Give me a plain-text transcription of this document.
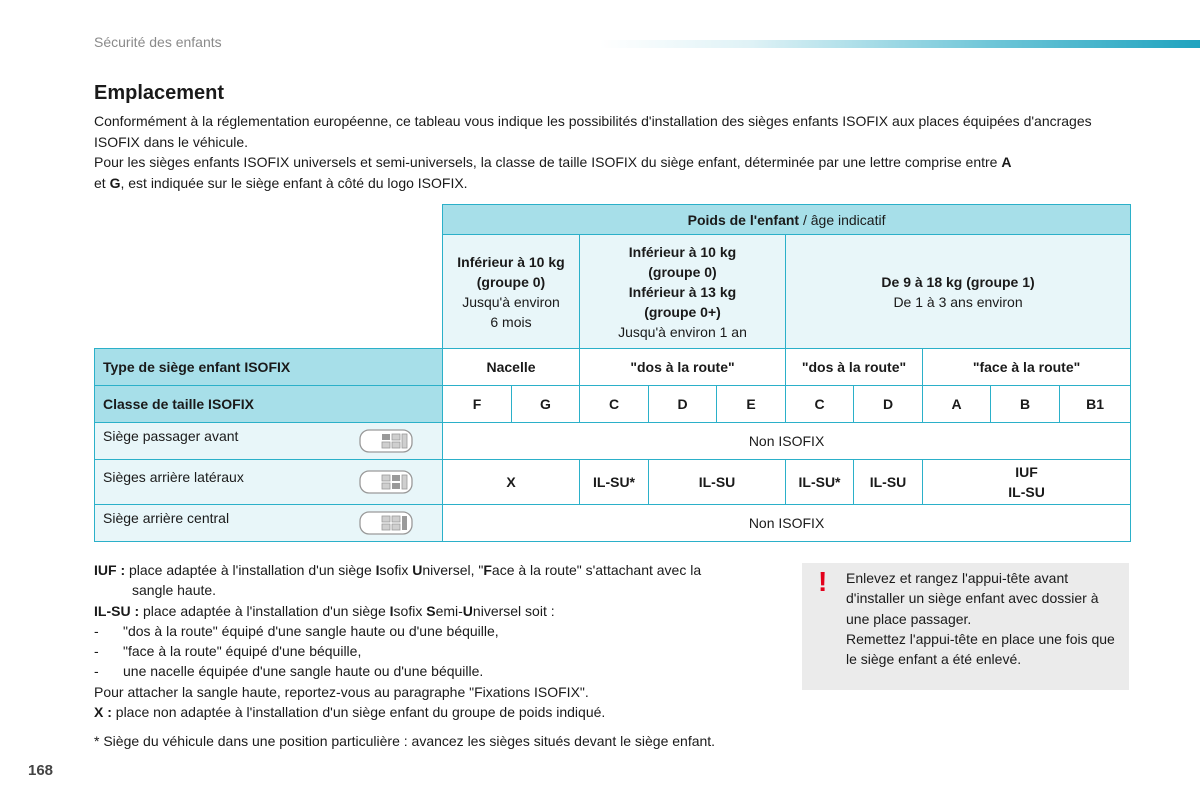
Sécurité des enfants
Emplacement

Conformément à la réglementation européenne, ce tableau vous indique les possibilités d'installation des sièges enfants ISOFIX aux places équipées d'ancrages ISOFIX dans le véhicule.

Pour les sièges enfants ISOFIX universels et semi-universels, la classe de taille ISOFIX du siège enfant, déterminée par une lettre comprise entre A
et G, est indiquée sur le siège enfant à côté du logo ISOFIX.

	Poids de l'enfant / âge indicatif									
	Inférieur à 10 kg
(groupe 0)
Jusqu'à environ
6 mois		Inférieur à 10 kg
(groupe 0)
Inférieur à 13 kg
(groupe 0+)
Jusqu'à environ 1 an			De 9 à 18 kg (groupe 1)
De 1 à 3 ans environ				
Type de siège enfant ISOFIX	Nacelle		"dos à la route"			"dos à la route"		"face à la route"		
Classe de taille ISOFIX	F	G	C	D	E	C	D	A	B	B1
Siège passager avant	Non ISOFIX									
Sièges arrière latéraux	X		IL-SU*	IL-SU		IL-SU*	IL-SU	IUF
IL-SU		
Siège arrière central	Non ISOFIX									
IUF : place adaptée à l'installation d'un siège Isofix Universel, "Face à la route" s'attachant avec la
sangle haute.
IL-SU : place adaptée à l'installation d'un siège Isofix Semi-Universel soit :
- "dos à la route" équipé d'une sangle haute ou d'une béquille,
- "face à la route" équipé d'une béquille,
- une nacelle équipée d'une sangle haute ou d'une béquille.
Pour attacher la sangle haute, reportez-vous au paragraphe "Fixations ISOFIX".
X : place non adaptée à l'installation d'un siège enfant du groupe de poids indiqué.
! Enlevez et rangez l'appui-tête avant d'installer un siège enfant avec dossier à une place passager.

Remettez l'appui-tête en place une fois que le siège enfant a été enlevé.

* Siège du véhicule dans une position particulière : avancez les sièges situés devant le siège enfant.
168
